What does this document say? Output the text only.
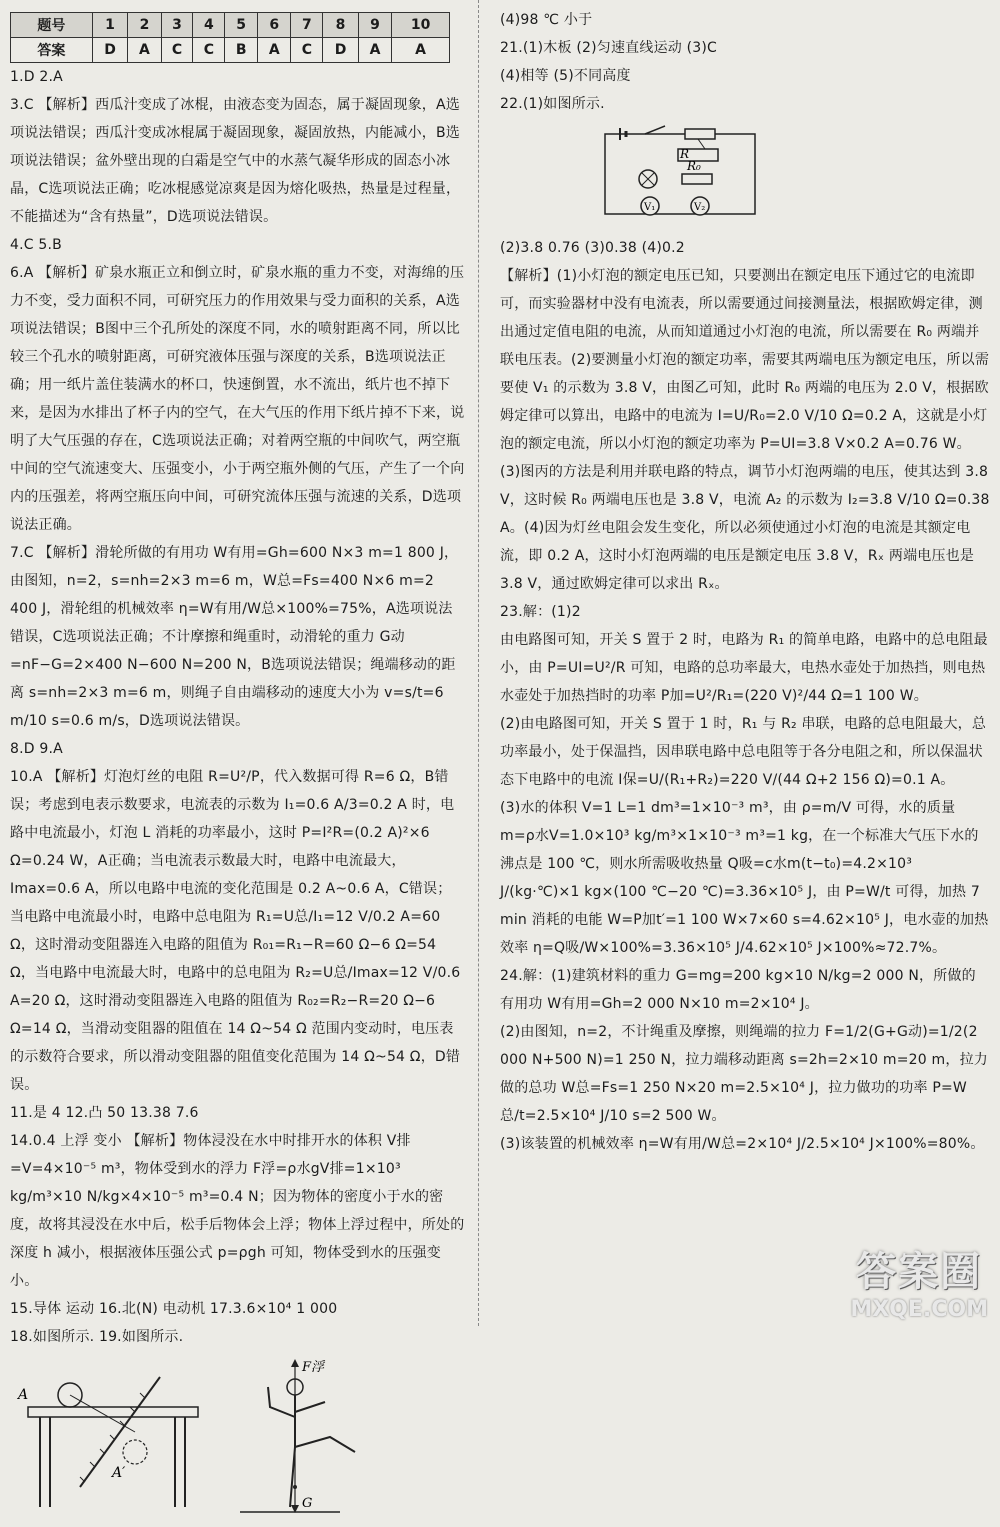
题号	1	2	3	4	5	6	7	8	9	10
答案	D	A	C	C	B	A	C	D	A	A

1.D 2.A

3.C 【解析】西瓜汁变成了冰棍，由液态变为固态，属于凝固现象，A选项说法错误；西瓜汁变成冰棍属于凝固现象，凝固放热，内能减小，B选项说法错误；盆外壁出现的白霜是空气中的水蒸气凝华形成的固态小冰晶，C选项说法正确；吃冰棍感觉凉爽是因为熔化吸热，热量是过程量，不能描述为“含有热量”，D选项说法错误。

4.C 5.B

6.A 【解析】矿泉水瓶正立和倒立时，矿泉水瓶的重力不变，对海绵的压力不变，受力面积不同，可研究压力的作用效果与受力面积的关系，A选项说法错误；B图中三个孔所处的深度不同，水的喷射距离不同，所以比较三个孔水的喷射距离，可研究液体压强与深度的关系，B选项说法正确；用一纸片盖住装满水的杯口，快速倒置，水不流出，纸片也不掉下来，是因为水排出了杯子内的空气，在大气压的作用下纸片掉不下来，说明了大气压强的存在，C选项说法正确；对着两空瓶的中间吹气，两空瓶中间的空气流速变大、压强变小，小于两空瓶外侧的气压，产生了一个向内的压强差，将两空瓶压向中间，可研究流体压强与流速的关系，D选项说法正确。

7.C 【解析】滑轮所做的有用功 W有用=Gh=600 N×3 m=1 800 J，由图知，n=2，s=nh=2×3 m=6 m，W总=Fs=400 N×6 m=2 400 J，滑轮组的机械效率 η=W有用/W总×100%=75%，A选项说法错误，C选项说法正确；不计摩擦和绳重时，动滑轮的重力 G动=nF−G=2×400 N−600 N=200 N，B选项说法错误；绳端移动的距离 s=nh=2×3 m=6 m，则绳子自由端移动的速度大小为 v=s/t=6 m/10 s=0.6 m/s，D选项说法错误。

8.D 9.A

10.A 【解析】灯泡灯丝的电阻 R=U²/P，代入数据可得 R=6 Ω，B错误；考虑到电表示数要求，电流表的示数为 I₁=0.6 A/3=0.2 A 时，电路中电流最小，灯泡 L 消耗的功率最小，这时 P=I²R=(0.2 A)²×6 Ω=0.24 W，A正确；当电流表示数最大时，电路中电流最大，Imax=0.6 A，所以电路中电流的变化范围是 0.2 A~0.6 A，C错误；当电路中电流最小时，电路中总电阻为 R₁=U总/I₁=12 V/0.2 A=60 Ω，这时滑动变阻器连入电路的阻值为 R₀₁=R₁−R=60 Ω−6 Ω=54 Ω，当电路中电流最大时，电路中的总电阻为 R₂=U总/Imax=12 V/0.6 A=20 Ω，这时滑动变阻器连入电路的阻值为 R₀₂=R₂−R=20 Ω−6 Ω=14 Ω，当滑动变阻器的阻值在 14 Ω~54 Ω 范围内变动时，电压表的示数符合要求，所以滑动变阻器的阻值变化范围为 14 Ω~54 Ω，D错误。

11.是 4 12.凸 50 13.38 7.6

14.0.4 上浮 变小 【解析】物体浸没在水中时排开水的体积 V排=V=4×10⁻⁵ m³，物体受到水的浮力 F浮=ρ水gV排=1×10³ kg/m³×10 N/kg×4×10⁻⁵ m³=0.4 N；因为物体的密度小于水的密度，故将其浸没在水中后，松手后物体会上浮；物体上浮过程中，所处的深度 h 减小，根据液体压强公式 p=ρgh 可知，物体受到水的压强变小。

15.导体 运动 16.北(N) 电动机 17.3.6×10⁴ 1 000

18.如图所示. 19.如图所示.

A
A′
F浮
G

(4)98 ℃ 小于

21.(1)木板 (2)匀速直线运动 (3)C

(4)相等 (5)不同高度

22.(1)如图所示.

R
R₀
V₁	V₂

(2)3.8 0.76 (3)0.38 (4)0.2

【解析】(1)小灯泡的额定电压已知，只要测出在额定电压下通过它的电流即可，而实验器材中没有电流表，所以需要通过间接测量法，根据欧姆定律，测出通过定值电阻的电流，从而知道通过小灯泡的电流，所以需要在 R₀ 两端并联电压表。(2)要测量小灯泡的额定功率，需要其两端电压为额定电压，所以需要使 V₁ 的示数为 3.8 V，由图乙可知，此时 R₀ 两端的电压为 2.0 V，根据欧姆定律可以算出，电路中的电流为 I=U/R₀=2.0 V/10 Ω=0.2 A，这就是小灯泡的额定电流，所以小灯泡的额定功率为 P=UI=3.8 V×0.2 A=0.76 W。(3)图丙的方法是利用并联电路的特点，调节小灯泡两端的电压，使其达到 3.8 V，这时候 R₀ 两端电压也是 3.8 V，电流 A₂ 的示数为 I₂=3.8 V/10 Ω=0.38 A。(4)因为灯丝电阻会发生变化，所以必须使通过小灯泡的电流是其额定电流，即 0.2 A，这时小灯泡两端的电压是额定电压 3.8 V，Rₓ 两端电压也是 3.8 V，通过欧姆定律可以求出 Rₓ。

23.解：(1)2

由电路图可知，开关 S 置于 2 时，电路为 R₁ 的简单电路，电路中的总电阻最小，由 P=UI=U²/R 可知，电路的总功率最大，电热水壶处于加热挡，则电热水壶处于加热挡时的功率 P加=U²/R₁=(220 V)²/44 Ω=1 100 W。

(2)由电路图可知，开关 S 置于 1 时，R₁ 与 R₂ 串联，电路的总电阻最大，总功率最小，处于保温挡，因串联电路中总电阻等于各分电阻之和，所以保温状态下电路中的电流 I保=U/(R₁+R₂)=220 V/(44 Ω+2 156 Ω)=0.1 A。

(3)水的体积 V=1 L=1 dm³=1×10⁻³ m³，由 ρ=m/V 可得，水的质量 m=ρ水V=1.0×10³ kg/m³×1×10⁻³ m³=1 kg，在一个标准大气压下水的沸点是 100 ℃，则水所需吸收热量 Q吸=c水m(t−t₀)=4.2×10³ J/(kg·℃)×1 kg×(100 ℃−20 ℃)=3.36×10⁵ J，由 P=W/t 可得，加热 7 min 消耗的电能 W=P加t′=1 100 W×7×60 s=4.62×10⁵ J，电水壶的加热效率 η=Q吸/W×100%=3.36×10⁵ J/4.62×10⁵ J×100%≈72.7%。

24.解：(1)建筑材料的重力 G=mg=200 kg×10 N/kg=2 000 N，所做的有用功 W有用=Gh=2 000 N×10 m=2×10⁴ J。

(2)由图知，n=2，不计绳重及摩擦，则绳端的拉力 F=1/2(G+G动)=1/2(2 000 N+500 N)=1 250 N，拉力端移动距离 s=2h=2×10 m=20 m，拉力做的总功 W总=Fs=1 250 N×20 m=2.5×10⁴ J，拉力做功的功率 P=W总/t=2.5×10⁴ J/10 s=2 500 W。

(3)该装置的机械效率 η=W有用/W总=2×10⁴ J/2.5×10⁴ J×100%=80%。

答案圈
MXQE.COM
